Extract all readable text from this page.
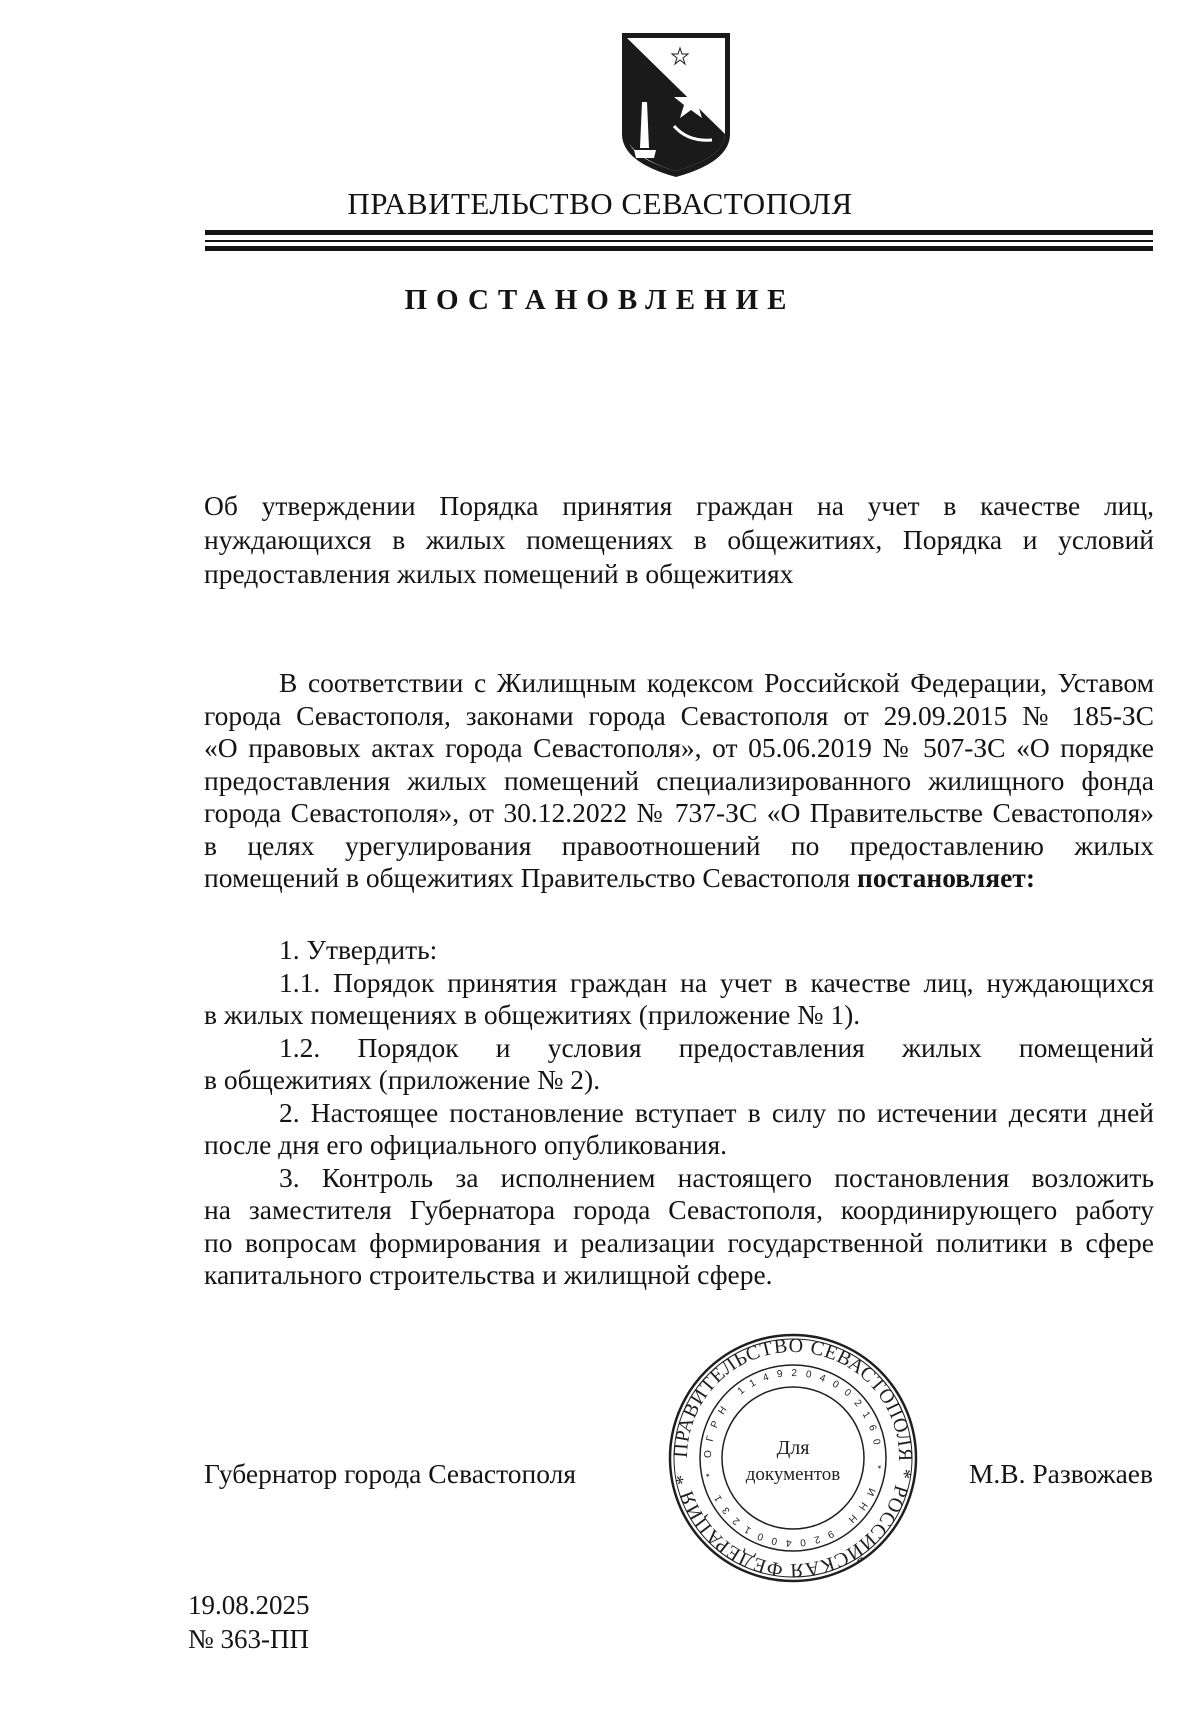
ПРАВИТЕЛЬСТВО СЕВАСТОПОЛЯ
ПОСТАНОВЛЕНИЕ
Об утверждении Порядка принятия граждан на учет в качестве лиц,
нуждающихся в жилых помещениях в общежитиях, Порядка и условий
предоставления жилых помещений в общежитиях
В соответствии с Жилищным кодексом Российской Федерации, Уставом
города Севастополя, законами города Севастополя от 29.09.2015 № 185-ЗС
«О правовых актах города Севастополя», от 05.06.2019 № 507-ЗС «О порядке
предоставления жилых помещений специализированного жилищного фонда
города Севастополя», от 30.12.2022 № 737-ЗС «О Правительстве Севастополя»
в целях урегулирования правоотношений по предоставлению жилых
помещений в общежитиях Правительство Севастополя постановляет:
1. Утвердить:
1.1. Порядок принятия граждан на учет в качестве лиц, нуждающихся
в жилых помещениях в общежитиях (приложение № 1).
1.2. Порядок и условия предоставления жилых помещений
в общежитиях (приложение № 2).
2. Настоящее постановление вступает в силу по истечении десяти дней
после дня его официального опубликования.
3. Контроль за исполнением настоящего постановления возложить
на заместителя Губернатора города Севастополя, координирующего работу
по вопросам формирования и реализации государственной политики в сфере
капитального строительства и жилищной сфере.
Губернатор города Севастополя
ПРАВИТЕЛЬСТВО СЕВАСТОПОЛЯ * РОССИЙСКАЯ ФЕДЕРАЦИЯ *
ОГРН 1149204002160 * ИНН 9204001231 *
Для
документов	М.В. Развожаев
19.08.2025
№ 363-ПП
